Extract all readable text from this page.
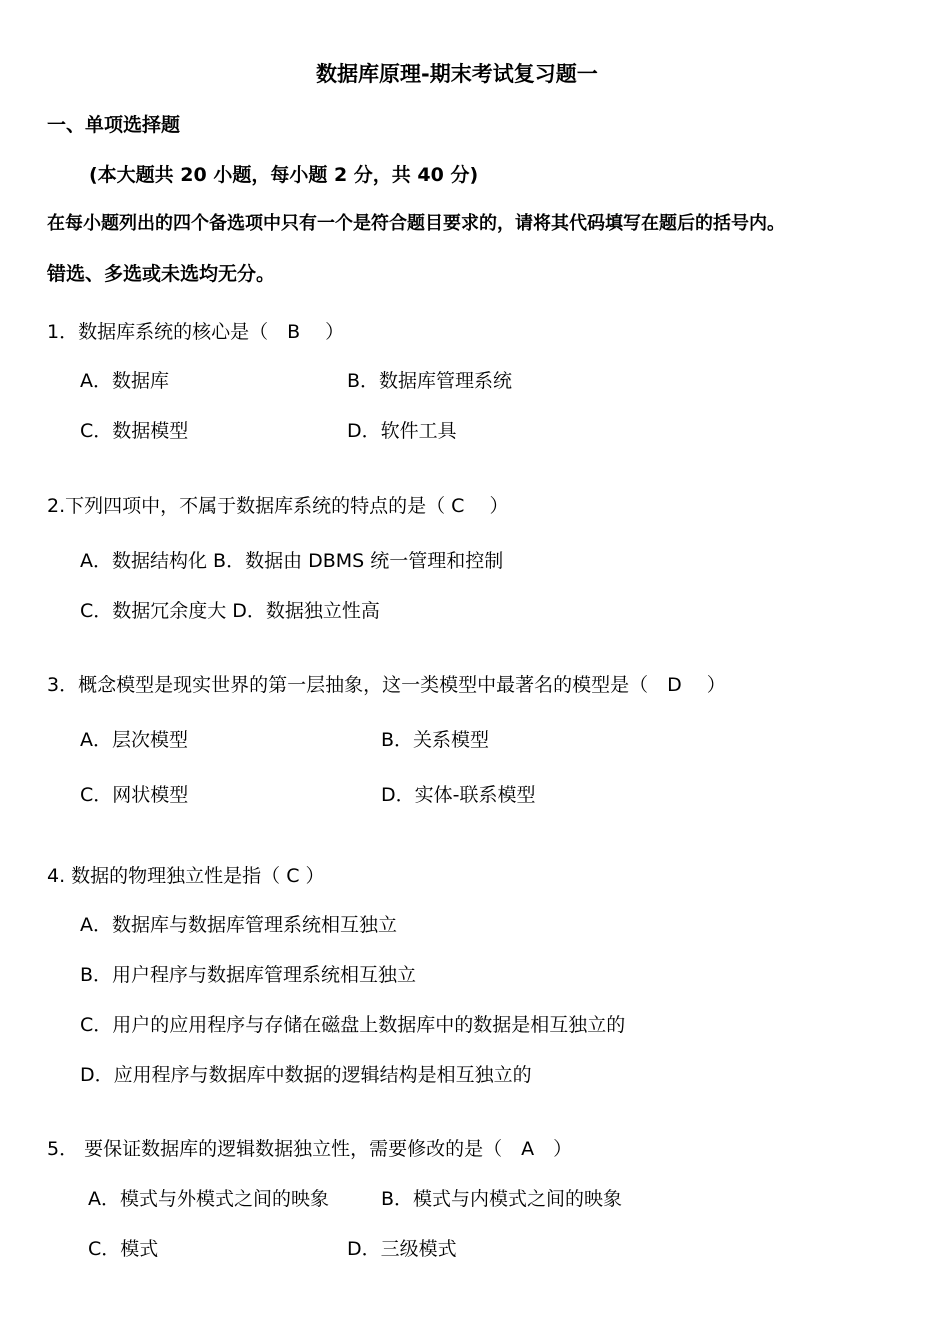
数据库原理-期末考试复习题一
一、单项选择题
(本大题共 20 小题，每小题 2 分，共 40 分)
在每小题列出的四个备选项中只有一个是符合题目要求的，请将其代码填写在题后的括号内。
错选、多选或未选均无分。
1．数据库系统的核心是（　B　 ）
A．数据库	B．数据库管理系统
C．数据模型	D．软件工具
2.下列四项中，不属于数据库系统的特点的是（ C　 ）
A．数据结构化 B．数据由 DBMS 统一管理和控制
C．数据冗余度大 D．数据独立性高
3．概念模型是现实世界的第一层抽象，这一类模型中最著名的模型是（　D　 ）
A．层次模型	B．关系模型
C．网状模型	D．实体-联系模型
4. 数据的物理独立性是指（ C ）
A．数据库与数据库管理系统相互独立
B．用户程序与数据库管理系统相互独立
C．用户的应用程序与存储在磁盘上数据库中的数据是相互独立的
D．应用程序与数据库中数据的逻辑结构是相互独立的
5． 要保证数据库的逻辑数据独立性，需要修改的是（　A　）
A．模式与外模式之间的映象	B．模式与内模式之间的映象
C．模式	D．三级模式
